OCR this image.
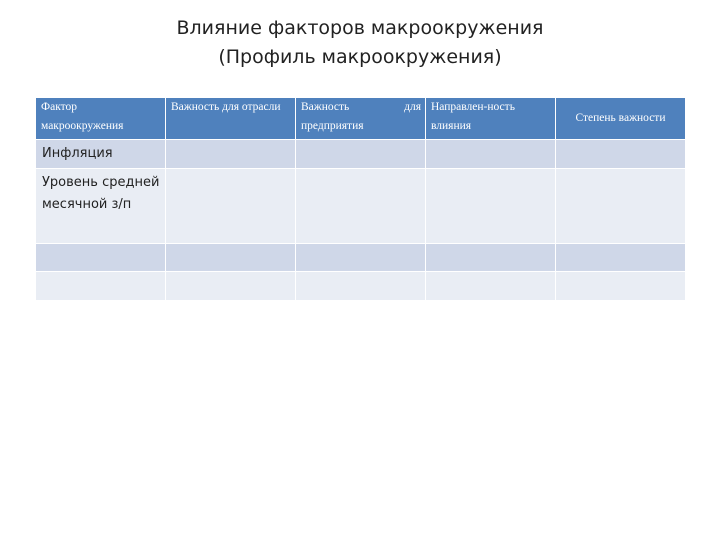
Влияние факторов макроокружения
(Профиль макроокружения)
Фактор макроокружения	Важность для отрасли	Важность для предприятия	Направлен-ность влияния	Степень важности

Инфляция				

Уровень средней месячной з/п				
